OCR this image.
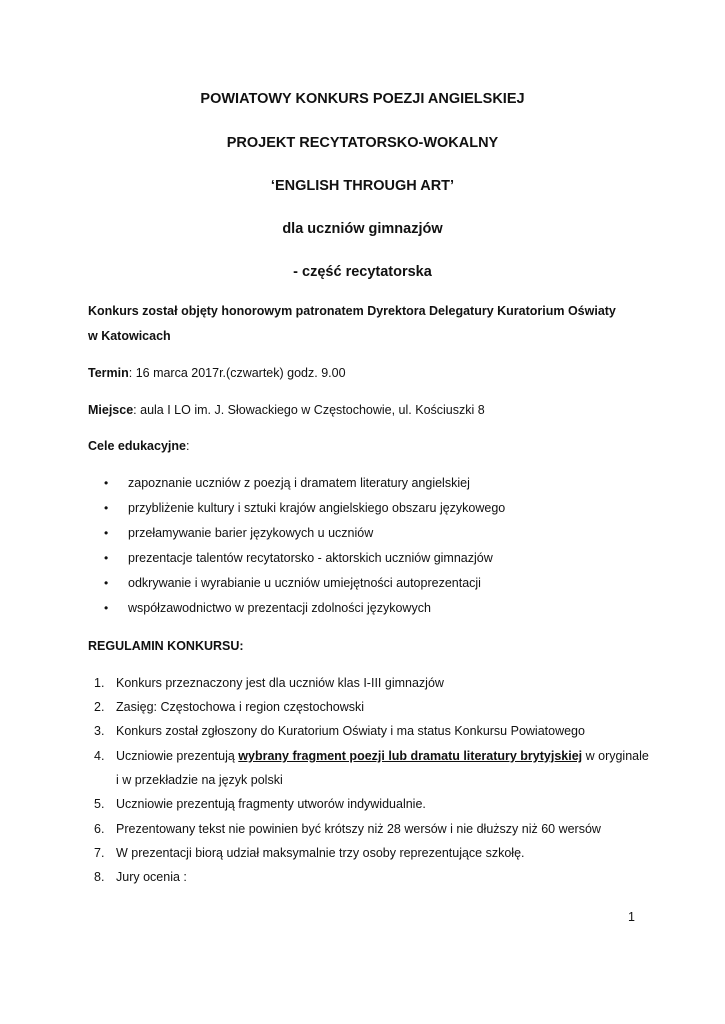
POWIATOWY KONKURS POEZJI ANGIELSKIEJ
PROJEKT RECYTATORSKO-WOKALNY
‘ENGLISH THROUGH ART’
dla uczniów gimnazjów
- część recytatorska
Konkurs został objęty honorowym patronatem Dyrektora Delegatury Kuratorium Oświaty
w Katowicach
Termin: 16 marca 2017r.(czwartek) godz. 9.00
Miejsce: aula I LO im. J. Słowackiego w Częstochowie, ul. Kościuszki 8
Cele edukacyjne:
• zapoznanie uczniów z poezją i dramatem literatury angielskiej
• przybliżenie kultury i sztuki krajów angielskiego obszaru językowego
• przełamywanie barier językowych u uczniów
• prezentacje talentów recytatorsko - aktorskich uczniów gimnazjów
• odkrywanie i wyrabianie u uczniów umiejętności autoprezentacji
• współzawodnictwo w prezentacji zdolności językowych
REGULAMIN KONKURSU:
1. Konkurs przeznaczony jest dla uczniów klas I-III gimnazjów
2. Zasięg: Częstochowa i region częstochowski
3. Konkurs został zgłoszony do Kuratorium Oświaty i ma status Konkursu Powiatowego
4. Uczniowie prezentują wybrany fragment poezji lub dramatu literatury brytyjskiej w oryginale
i w przekładzie na język polski
5. Uczniowie prezentują fragmenty utworów indywidualnie.
6. Prezentowany tekst nie powinien być krótszy niż 28 wersów i nie dłuższy niż 60 wersów
7. W prezentacji biorą udział maksymalnie trzy osoby reprezentujące szkołę.
8. Jury ocenia :
1
